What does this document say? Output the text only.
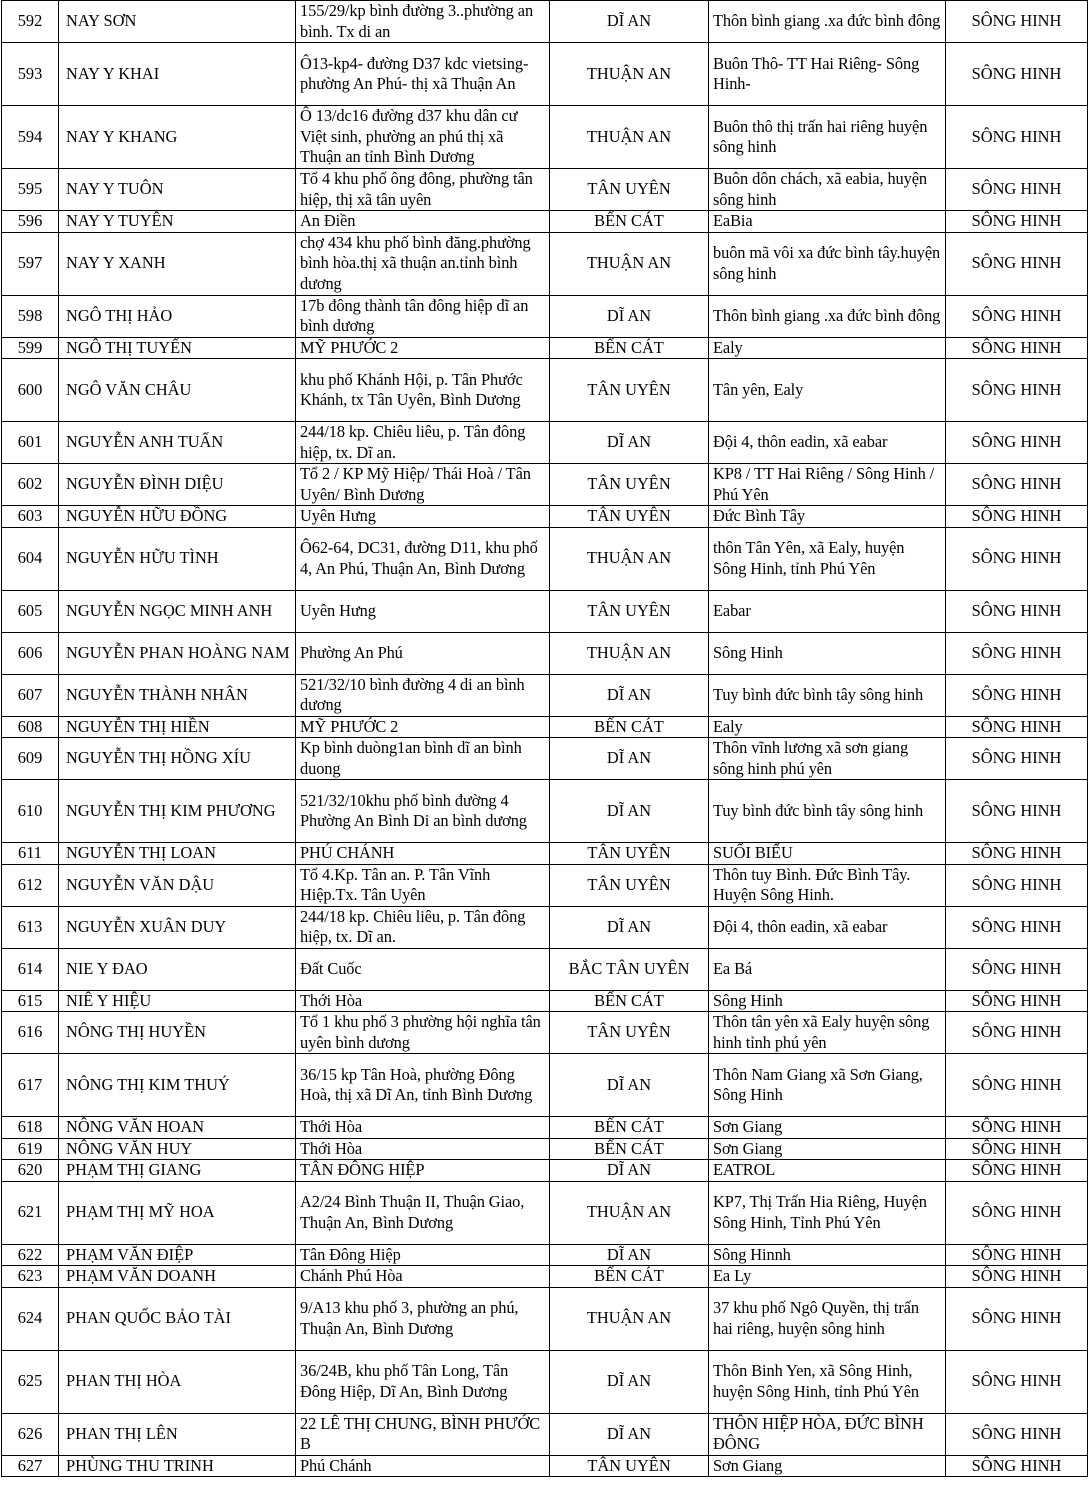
592	NAY SƠN	155/29/kp bình đường 3..phường an bình. Tx di an	DĨ AN	Thôn bình giang .xa đức bình đông	SÔNG HINH
593	NAY Y KHAI	Ô13-kp4- đường D37 kdc vietsing- phường An Phú- thị xã Thuận An	THUẬN AN	Buôn Thô- TT Hai Riêng- Sông Hinh-	SÔNG HINH
594	NAY Y KHANG	Ô 13/dc16 đường d37 khu dân cư Việt sinh, phường an phú thị xã Thuận an tỉnh Bình Dương	THUẬN AN	Buôn thô thị trấn hai riêng huyện sông hinh	SÔNG HINH
595	NAY Y TUÔN	Tổ 4 khu phố ông đông, phường tân hiệp, thị xã tân uyên	TÂN UYÊN	Buôn dôn chách, xã eabia, huyện sông hinh	SÔNG HINH
596	NAY Y TUYÊN	An Điền	BẾN CÁT	EaBia	SÔNG HINH
597	NAY Y XANH	chợ 434 khu phố bình đăng.phường bình hòa.thị xã thuận an.tỉnh bình dương	THUẬN AN	buôn mã vôi xa đức bình tây.huyện sông hinh	SÔNG HINH
598	NGÔ THỊ HẢO	17b đông thành tân đông hiệp dĩ an bình dương	DĨ AN	Thôn bình giang .xa đức bình đông	SÔNG HINH
599	NGÔ THỊ TUYẾN	MỸ PHƯỚC 2	BẾN CÁT	Ealy	SÔNG HINH
600	NGÔ VĂN CHÂU	khu phố Khánh Hội, p. Tân Phước Khánh, tx Tân Uyên, Bình Dương	TÂN UYÊN	Tân yên, Ealy	SÔNG HINH
601	NGUYỄN ANH TUẤN	244/18 kp. Chiêu liêu, p. Tân đông hiệp, tx. Dĩ an.	DĨ AN	Đội 4, thôn eadin, xã eabar	SÔNG HINH
602	NGUYỄN ĐÌNH DIỆU	Tổ 2 / KP Mỹ Hiệp/ Thái Hoà / Tân Uyên/ Bình Dương	TÂN UYÊN	KP8 / TT Hai Riêng / Sông Hinh / Phú Yên	SÔNG HINH
603	NGUYỄN HỮU ĐỒNG	Uyên Hưng	TÂN UYÊN	Đức Bình Tây	SÔNG HINH
604	NGUYỄN HỮU TÌNH	Ô62-64, DC31, đường D11, khu phố 4, An Phú, Thuận An, Bình Dương	THUẬN AN	thôn Tân Yên, xã Ealy, huyện Sông Hinh, tỉnh Phú Yên	SÔNG HINH
605	NGUYỄN NGỌC MINH ANH	Uyên Hưng	TÂN UYÊN	Eabar	SÔNG HINH
606	NGUYỄN PHAN HOÀNG NAM	Phường An Phú	THUẬN AN	Sông Hinh	SÔNG HINH
607	NGUYỄN THÀNH NHÂN	521/32/10 bình đường 4 di an bình dương	DĨ AN	Tuy bình đức bình tây sông hinh	SÔNG HINH
608	NGUYỄN THỊ HIỀN	MỸ PHƯỚC 2	BẾN CÁT	Ealy	SÔNG HINH
609	NGUYỄN THỊ HỒNG XÍU	Kp bình duòng1an bình dĩ an bình duong	DĨ AN	Thôn vĩnh lương xã sơn giang sông hinh phú yên	SÔNG HINH
610	NGUYỄN THỊ KIM PHƯƠNG	521/32/10khu phố bình đường 4 Phường An Bình Di an bình dương	DĨ AN	Tuy bình đức bình tây sông hinh	SÔNG HINH
611	NGUYỄN THỊ LOAN	PHÚ CHÁNH	TÂN UYÊN	SUỐI BIỂU	SÔNG HINH
612	NGUYỄN VĂN DẬU	Tổ 4.Kp. Tân an. P. Tân Vĩnh Hiệp.Tx. Tân Uyên	TÂN UYÊN	Thôn tuy Bình. Đức Bình Tây. Huyện Sông Hinh.	SÔNG HINH
613	NGUYỄN XUÂN DUY	244/18 kp. Chiêu liêu, p. Tân đông hiệp, tx. Dĩ an.	DĨ AN	Đội 4, thôn eadin, xã eabar	SÔNG HINH
614	NIE Y ĐAO	Đất Cuốc	BẮC TÂN UYÊN	Ea Bá	SÔNG HINH
615	NIÊ Y HIỆU	Thới Hòa	BẾN CÁT	Sông Hinh	SÔNG HINH
616	NÔNG THỊ HUYỀN	Tổ 1 khu phố 3 phường hội nghĩa tân uyên bình dương	TÂN UYÊN	Thôn tân yên xã Ealy huyện sông hinh tỉnh phú yên	SÔNG HINH
617	NÔNG THỊ KIM THUÝ	36/15 kp Tân Hoà, phường Đông Hoà, thị xã Dĩ An, tỉnh Bình Dương	DĨ AN	Thôn Nam Giang xã Sơn Giang, Sông Hinh	SÔNG HINH
618	NÔNG VĂN HOAN	Thới Hòa	BẾN CÁT	Sơn Giang	SÔNG HINH
619	NÔNG VĂN HUY	Thới Hòa	BẾN CÁT	Sơn Giang	SÔNG HINH
620	PHẠM THỊ GIANG	TÂN ĐÔNG HIỆP	DĨ AN	EATROL	SÔNG HINH
621	PHẠM THỊ MỸ HOA	A2/24 Bình Thuận II, Thuận Giao, Thuận An, Bình Dương	THUẬN AN	KP7, Thị Trấn Hia Riêng, Huyện Sông Hinh, Tỉnh Phú Yên	SÔNG HINH
622	PHẠM VĂN ĐIỆP	Tân Đông Hiệp	DĨ AN	Sông Hinnh	SÔNG HINH
623	PHẠM VĂN DOANH	Chánh Phú Hòa	BẾN CÁT	Ea Ly	SÔNG HINH
624	PHAN QUỐC BẢO TÀI	9/A13 khu phố 3, phường an phú, Thuận An, Bình Dương	THUẬN AN	37 khu phố Ngô Quyền, thị trấn hai riêng, huyện sông hinh	SÔNG HINH
625	PHAN THỊ HÒA	36/24B, khu phố Tân Long, Tân Đông Hiệp, Dĩ An, Bình Dương	DĨ AN	Thôn Binh Yen, xã Sông Hinh, huyện Sông Hinh, tỉnh Phú Yên	SÔNG HINH
626	PHAN THỊ LÊN	22 LÊ THỊ CHUNG, BÌNH PHƯỚC B	DĨ AN	THÔN HIỆP HÒA, ĐỨC BÌNH ĐÔNG	SÔNG HINH
627	PHÙNG THU TRINH	Phú Chánh	TÂN UYÊN	Sơn Giang	SÔNG HINH
